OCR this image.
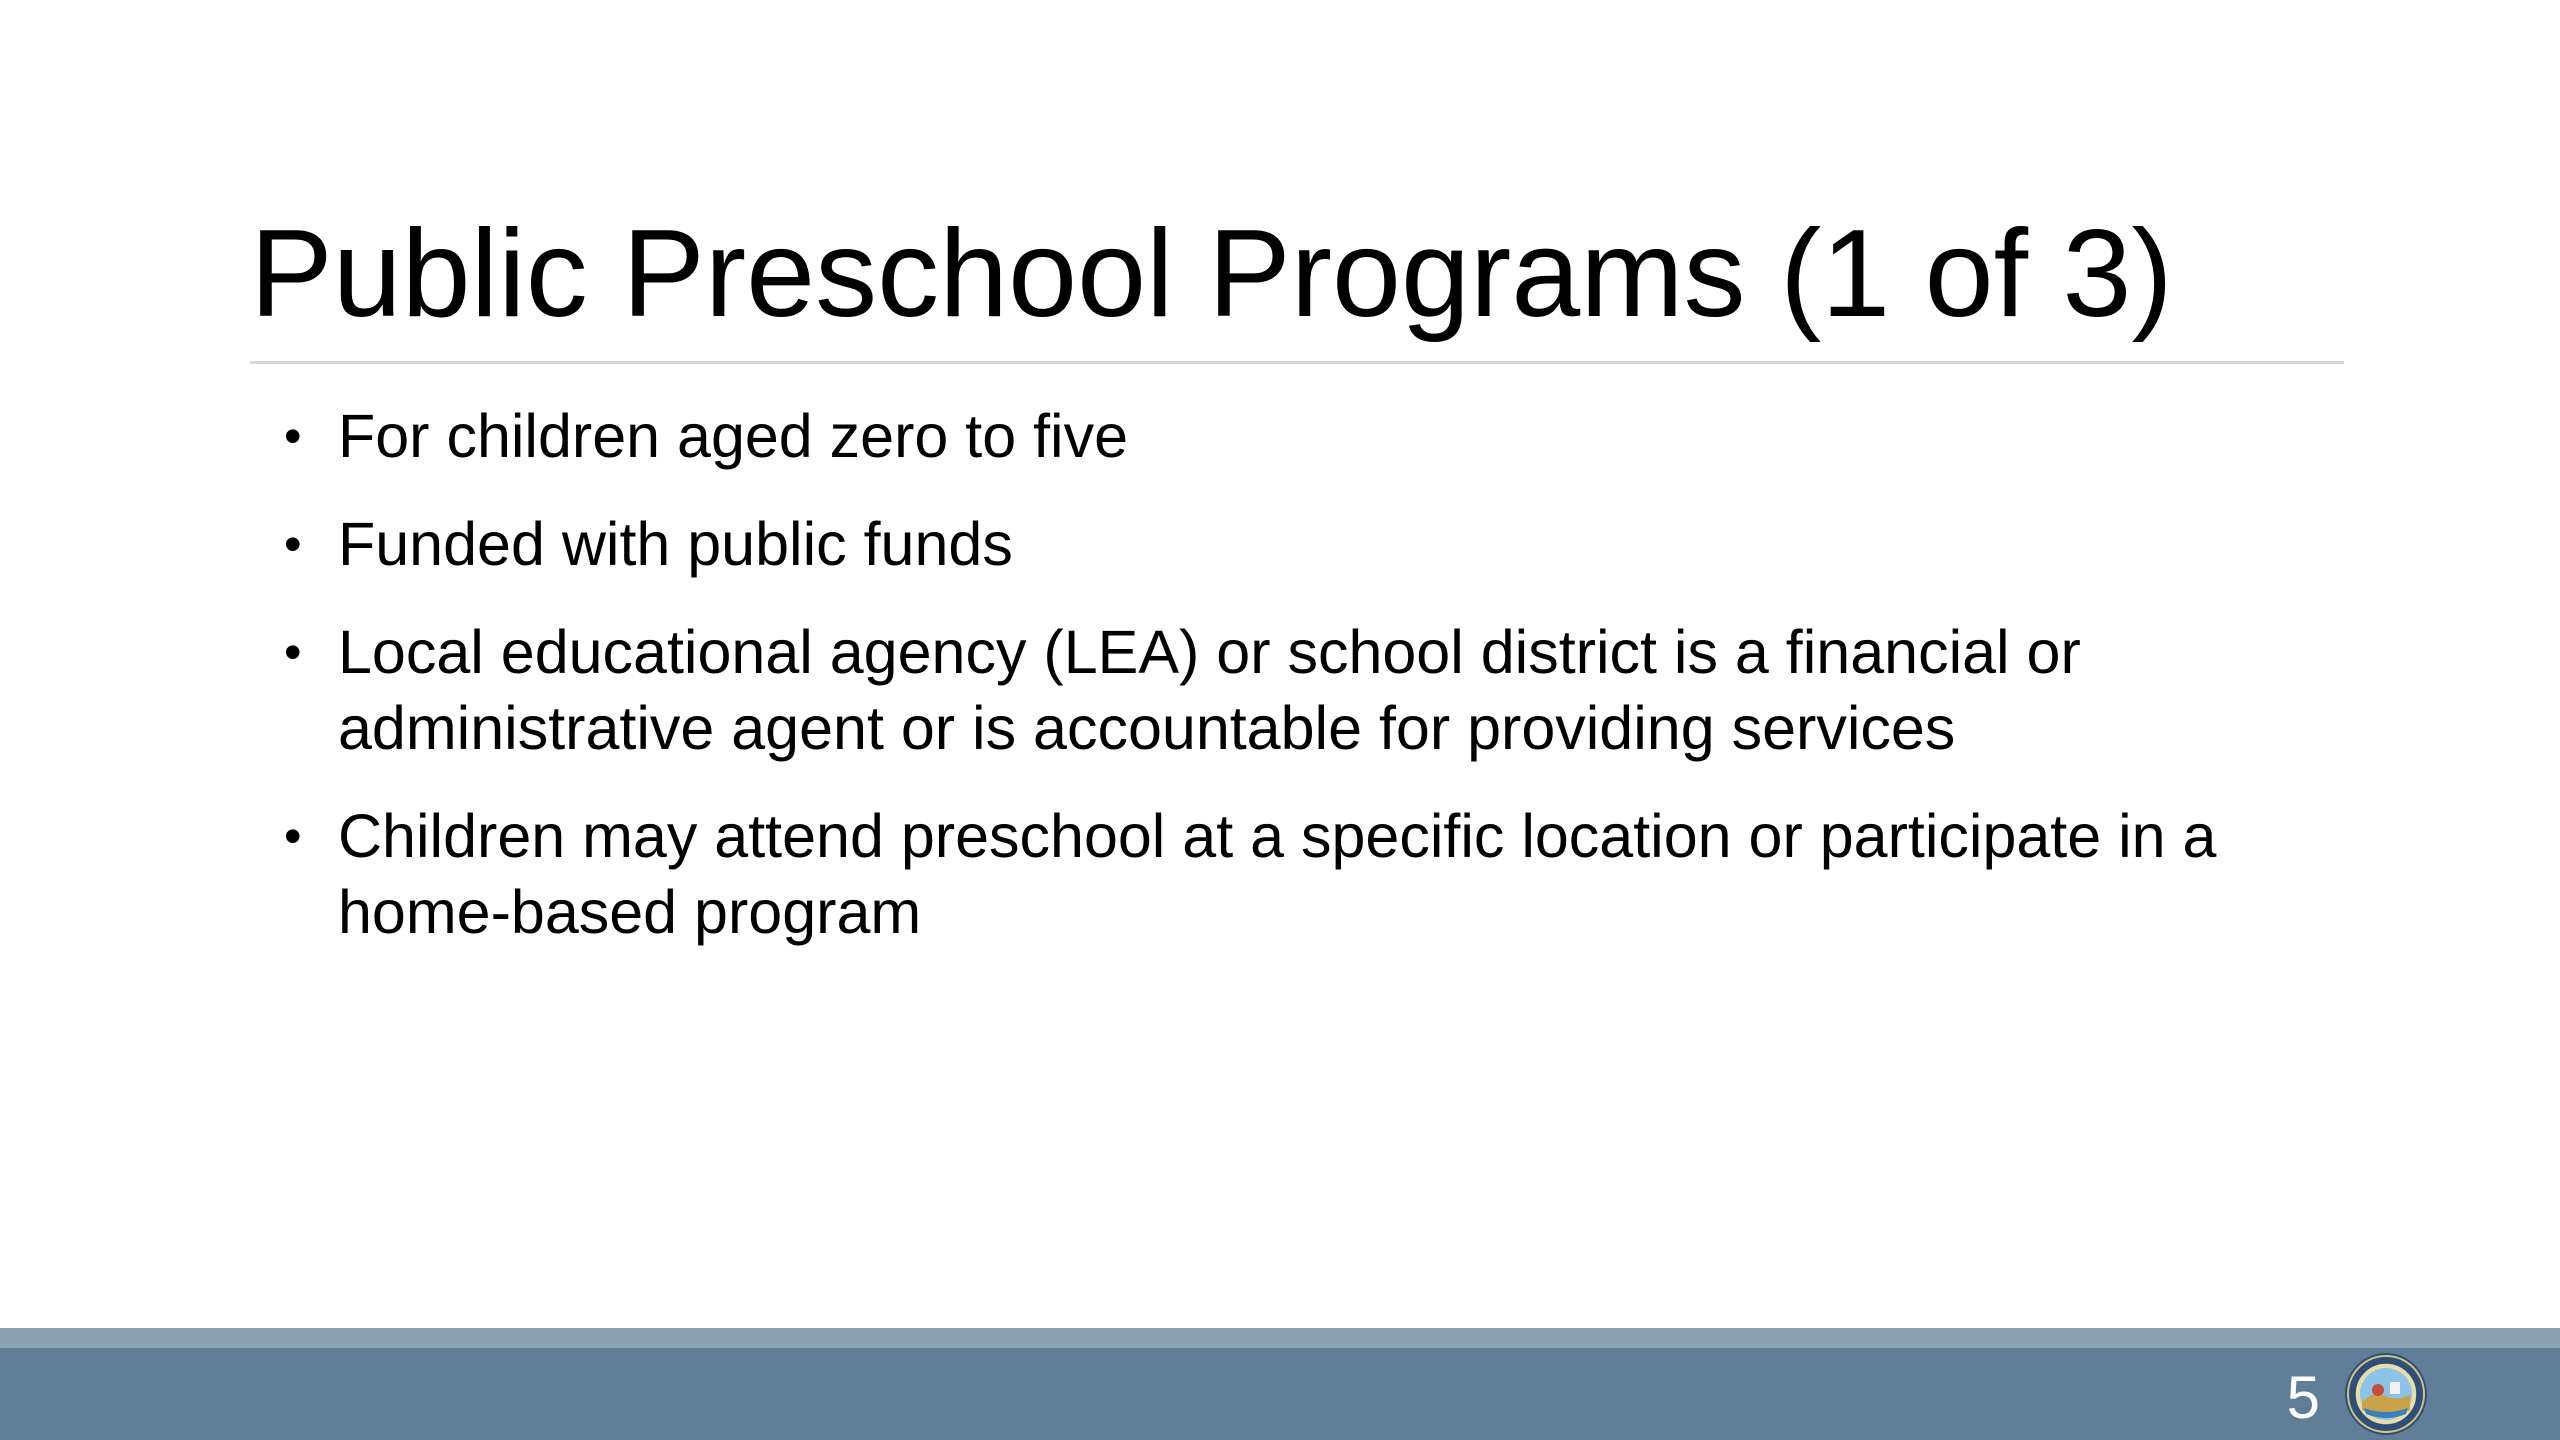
Public Preschool Programs (1 of 3)
• For children aged zero to five
• Funded with public funds
• Local educational agency (LEA) or school district is a financial or administrative agent or is accountable for providing services
• Children may attend preschool at a specific location or participate in a home-based program
5
